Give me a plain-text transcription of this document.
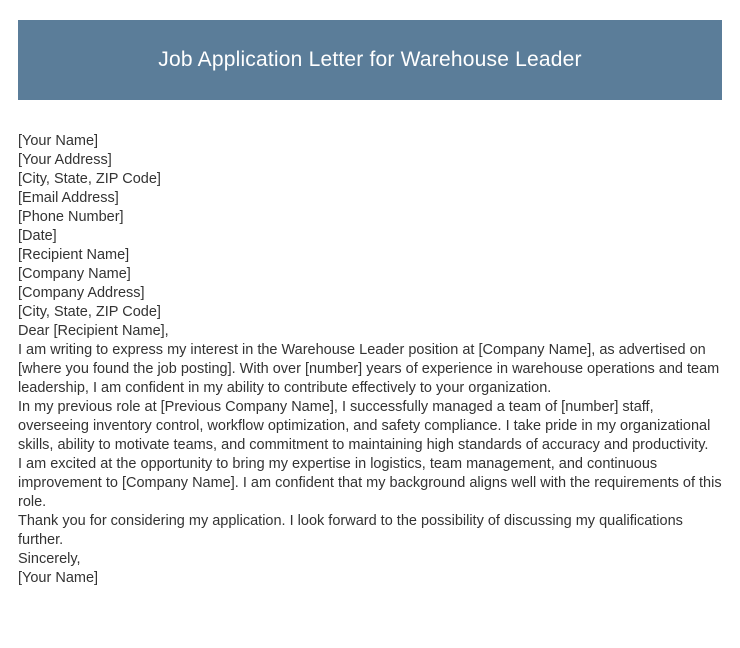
Job Application Letter for Warehouse Leader
[Your Name]
[Your Address]
[City, State, ZIP Code]
[Email Address]
[Phone Number]
[Date]
[Recipient Name]
[Company Name]
[Company Address]
[City, State, ZIP Code]
Dear [Recipient Name],
I am writing to express my interest in the Warehouse Leader position at [Company Name], as advertised on [where you found the job posting]. With over [number] years of experience in warehouse operations and team leadership, I am confident in my ability to contribute effectively to your organization.
In my previous role at [Previous Company Name], I successfully managed a team of [number] staff, overseeing inventory control, workflow optimization, and safety compliance. I take pride in my organizational skills, ability to motivate teams, and commitment to maintaining high standards of accuracy and productivity.
I am excited at the opportunity to bring my expertise in logistics, team management, and continuous improvement to [Company Name]. I am confident that my background aligns well with the requirements of this role.
Thank you for considering my application. I look forward to the possibility of discussing my qualifications further.
Sincerely,
[Your Name]
